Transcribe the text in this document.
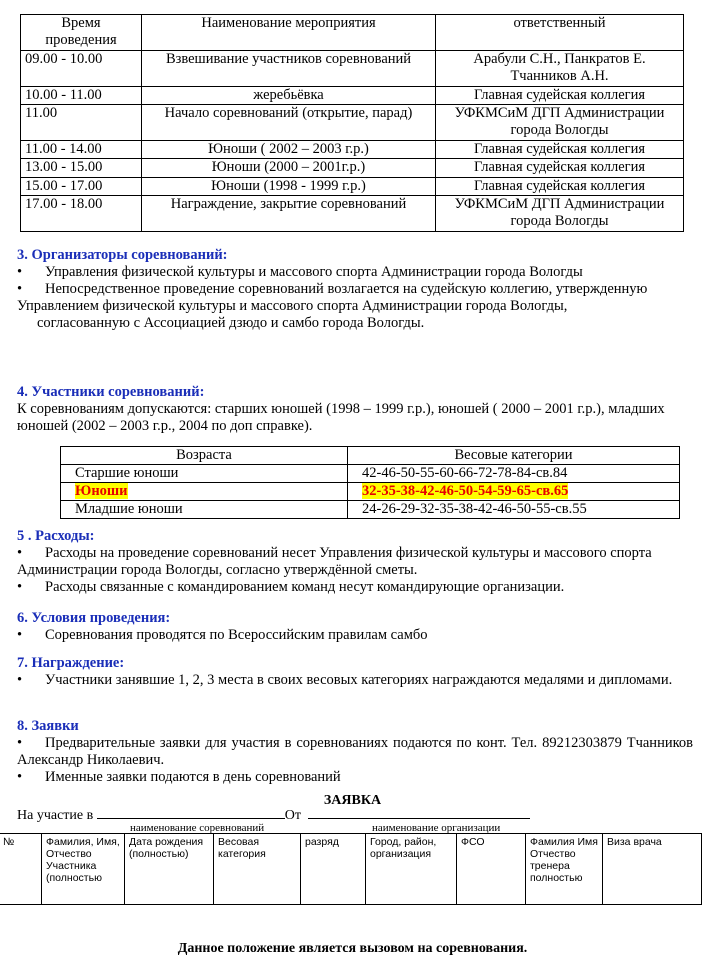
Время проведения	Наименование мероприятия	ответственный
09.00 - 10.00	Взвешивание участников соревнований	Арабули С.Н., Панкратов Е. Тчанников А.Н.
10.00 - 11.00	жеребьёвка	Главная судейская коллегия
11.00	Начало соревнований (открытие, парад)	УФКМСиМ ДГП Администрации города Вологды
11.00 - 14.00	Юноши ( 2002 – 2003 г.р.)	Главная судейская коллегия
13.00 - 15.00	Юноши (2000 – 2001г.р.)	Главная судейская коллегия
15.00 - 17.00	Юноши (1998 - 1999 г.р.)	Главная судейская коллегия
17.00 - 18.00	Награждение, закрытие соревнований	УФКМСиМ ДГП Администрации города Вологды
3. Организаторы соревнований:
• Управления физической культуры и массового спорта Администрации города Вологды
• Непосредственное проведение соревнований возлагается на судейскую коллегию, утвержденную Управлением физической культуры и массового спорта Администрации города Вологды,
согласованную с Ассоциацией дзюдо и самбо города Вологды.
4. Участники соревнований:
К соревнованиям допускаются: старших юношей (1998 – 1999 г.р.), юношей ( 2000 – 2001 г.р.), младших юношей (2002 – 2003 г.р., 2004 по доп справке).
Возраста	Весовые категории
Старшие юноши	42-46-50-55-60-66-72-78-84-св.84
Юноши	32-35-38-42-46-50-54-59-65-св.65
Младшие юноши	24-26-29-32-35-38-42-46-50-55-св.55
5 . Расходы:
• Расходы на проведение соревнований несет Управления физической культуры и массового спорта Администрации города Вологды, согласно утверждённой сметы.
• Расходы связанные с командированием команд несут командирующие организации.
6. Условия проведения:
• Соревнования проводятся по Всероссийским правилам самбо
7. Награждение:
• Участники занявшие 1, 2, 3 места в своих весовых категориях награждаются медалями и дипломами.
8. Заявки
• Предварительные заявки для участия в соревнованиях подаются по конт. Тел. 89212303879 Тчанников Александр Николаевич.
• Именные заявки подаются в день соревнований
ЗАЯВКА
На участие в	От
наименование соревнований	наименование организации
№	Фамилия, Имя, Отчество Участника (полностью	Дата рождения (полностью)	Весовая категория	разряд	Город, район, организация	ФСО	Фамилия Имя Отчество тренера полностью	Виза врача
Данное положение является вызовом на соревнования.
